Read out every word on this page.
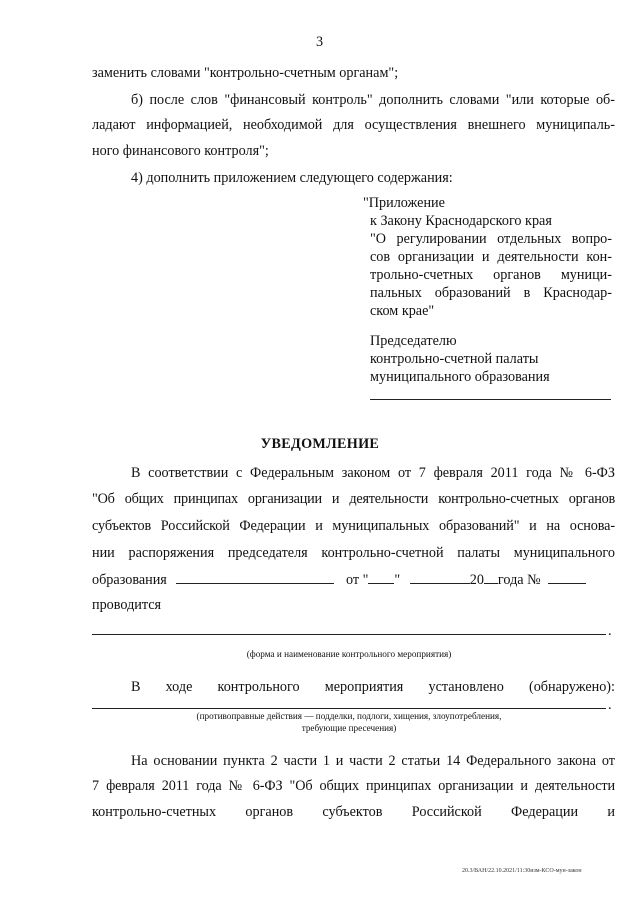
3
заменить словами "контрольно-счетным органам";
б) после слов "финансовый контроль" дополнить словами "или которые об-
ладают информацией, необходимой для осуществления внешнего муниципаль-
ного финансового контроля";
4) дополнить приложением следующего содержания:
"Приложение
к Закону Краснодарского края
"О регулировании отдельных вопро-
сов организации и деятельности кон-
трольно-счетных органов муници-
пальных образований в Краснодар-
ском крае"
Председателю
контрольно-счетной палаты
муниципального образования
УВЕДОМЛЕНИЕ
В соответствии с Федеральным законом от 7 февраля 2011 года № 6-ФЗ
"Об общих принципах организации и деятельности контрольно-счетных органов
субъектов Российской Федерации и муниципальных образований" и на основа-
нии распоряжения председателя контрольно-счетной палаты муниципального
образования	от " "	20 года №
проводится
.
(форма и наименование контрольного мероприятия)
В ходе контрольного мероприятия установлено (обнаружено):
.
(противоправные действия — подделки, подлоги, хищения, злоупотребления,
требующие пресечения)
На основании пункта 2 части 1 и части 2 статьи 14 Федерального закона от
7 февраля 2011 года № 6-ФЗ "Об общих принципах организации и деятельности
контрольно-счетных органов субъектов Российской Федерации и
20.3/ВАН/22.10.2021/11:30изм-КСО-мун-закон
